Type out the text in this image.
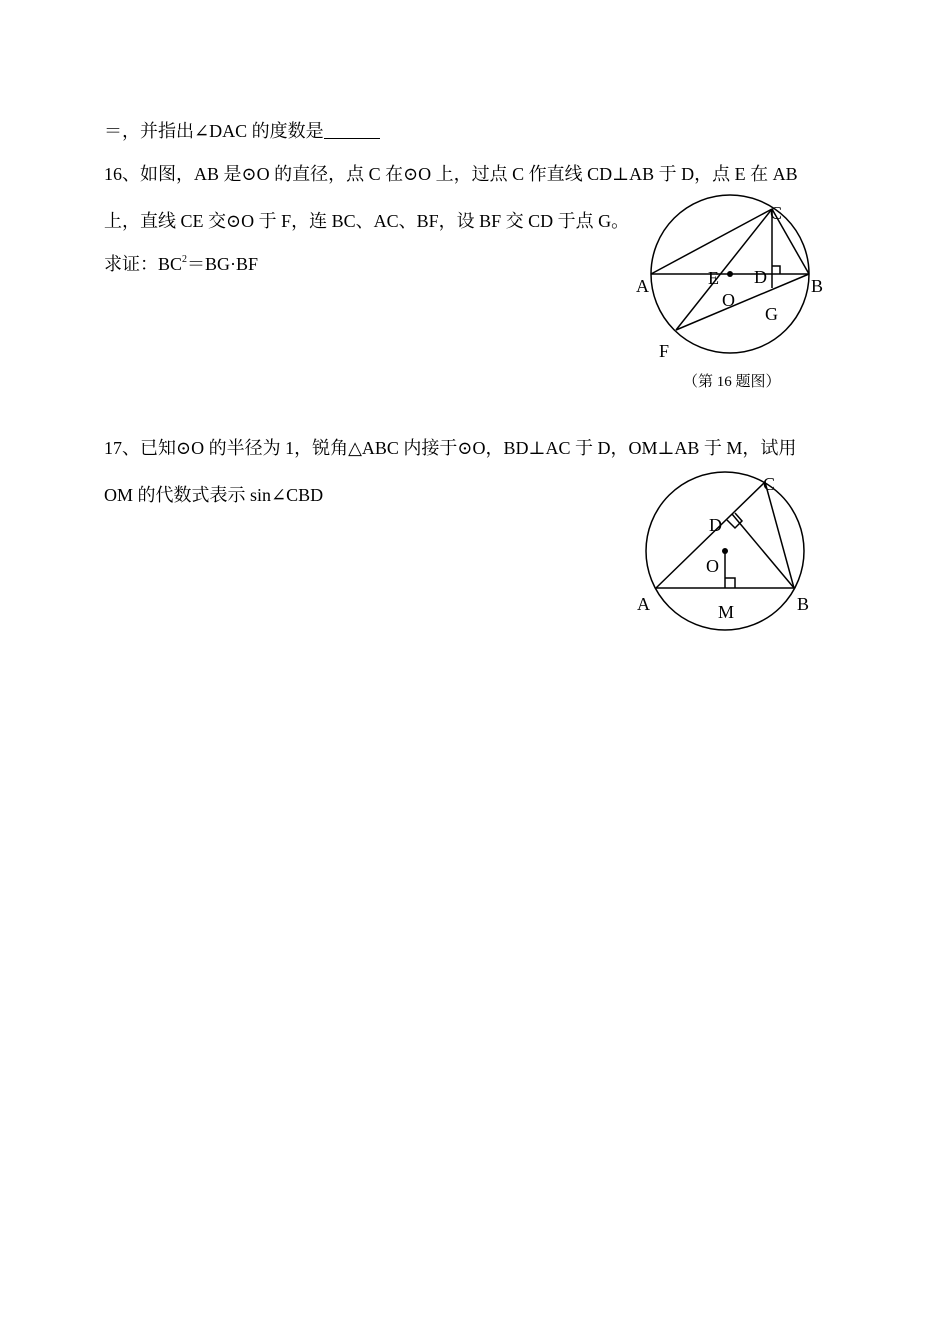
＝，并指出∠DAC 的度数是
16、如图，AB 是⊙O 的直径，点 C 在⊙O 上，过点 C 作直线 CD⊥AB 于 D，点 E 在 AB
上，直线 CE 交⊙O 于 F，连 BC、AC、BF，设 BF 交 CD 于点 G。
求证：$BC^2=BG\cdot BF$
A	B
C
D
E
O
G
F
（第 16 题图）
17、已知⊙O 的半径为 1，锐角△ABC 内接于⊙O，BD⊥AC 于 D，OM⊥AB 于 M，试用
OM 的代数式表示 sin∠CBD
A	B
C
D
O
M
